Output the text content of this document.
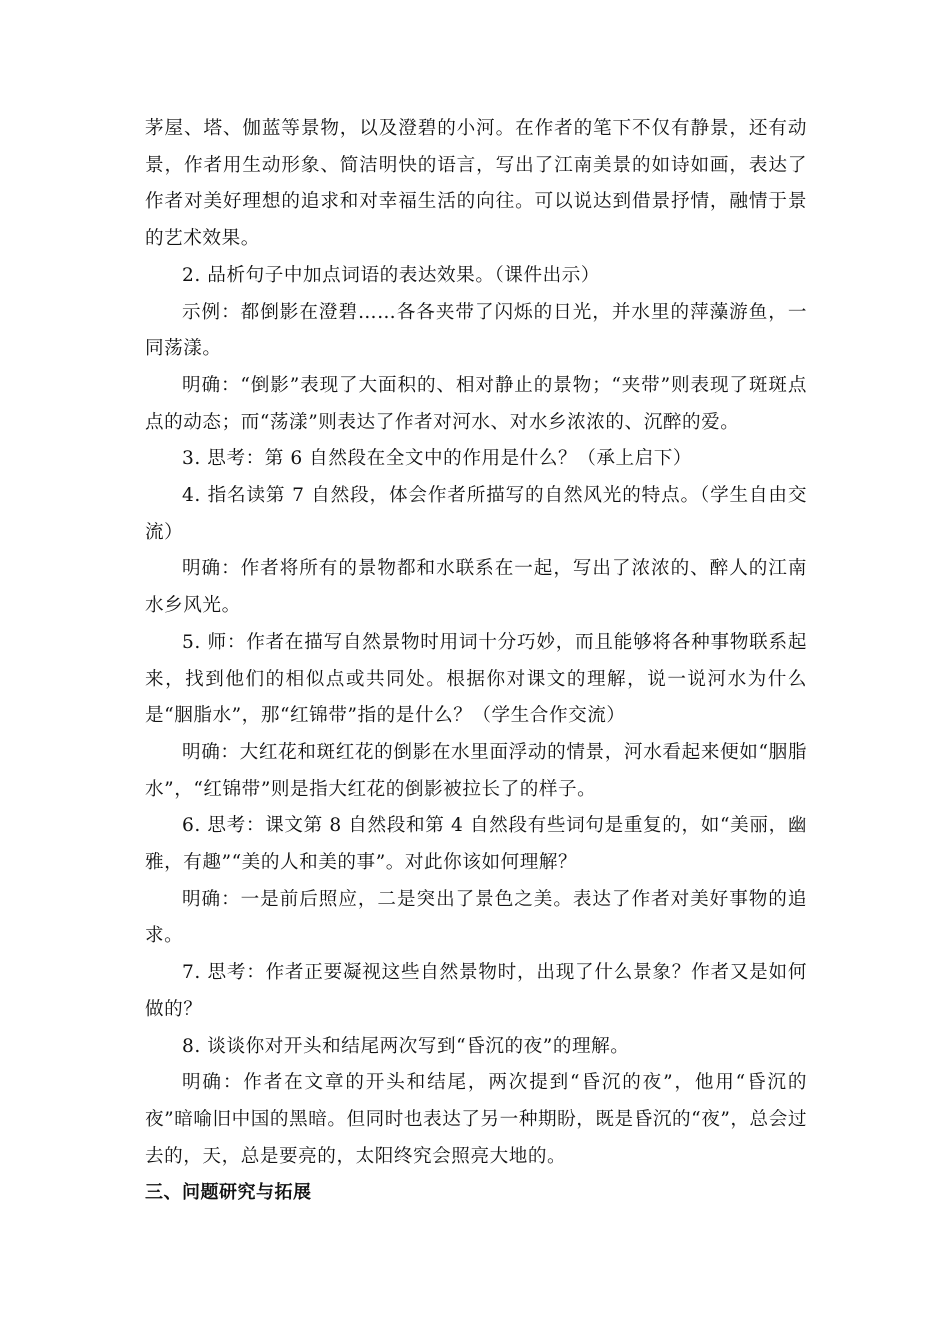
茅屋、塔、伽蓝等景物，以及澄碧的小河。在作者的笔下不仅有静景，还有动景，作者用生动形象、简洁明快的语言，写出了江南美景的如诗如画，表达了作者对美好理想的追求和对幸福生活的向往。可以说达到借景抒情，融情于景的艺术效果。

2. 品析句子中加点词语的表达效果。（课件出示）

示例：都倒影在澄碧……各各夹带了闪烁的日光，并水里的萍藻游鱼，一同荡漾。

明确：“倒影”表现了大面积的、相对静止的景物；“夹带”则表现了斑斑点点的动态；而“荡漾”则表达了作者对河水、对水乡浓浓的、沉醉的爱。

3. 思考：第 6 自然段在全文中的作用是什么？（承上启下）

4. 指名读第 7 自然段，体会作者所描写的自然风光的特点。（学生自由交流）

明确：作者将所有的景物都和水联系在一起，写出了浓浓的、醉人的江南水乡风光。

5. 师：作者在描写自然景物时用词十分巧妙，而且能够将各种事物联系起来，找到他们的相似点或共同处。根据你对课文的理解，说一说河水为什么是“胭脂水”，那“红锦带”指的是什么？（学生合作交流）

明确：大红花和斑红花的倒影在水里面浮动的情景，河水看起来便如“胭脂水”，“红锦带”则是指大红花的倒影被拉长了的样子。

6. 思考：课文第 8 自然段和第 4 自然段有些词句是重复的，如“美丽，幽雅，有趣”“美的人和美的事”。对此你该如何理解？

明确：一是前后照应，二是突出了景色之美。表达了作者对美好事物的追求。

7. 思考：作者正要凝视这些自然景物时，出现了什么景象？作者又是如何做的？

8. 谈谈你对开头和结尾两次写到“昏沉的夜”的理解。

明确：作者在文章的开头和结尾，两次提到“昏沉的夜”，他用“昏沉的夜”暗喻旧中国的黑暗。但同时也表达了另一种期盼，既是昏沉的“夜”，总会过去的，天，总是要亮的，太阳终究会照亮大地的。

三、问题研究与拓展
